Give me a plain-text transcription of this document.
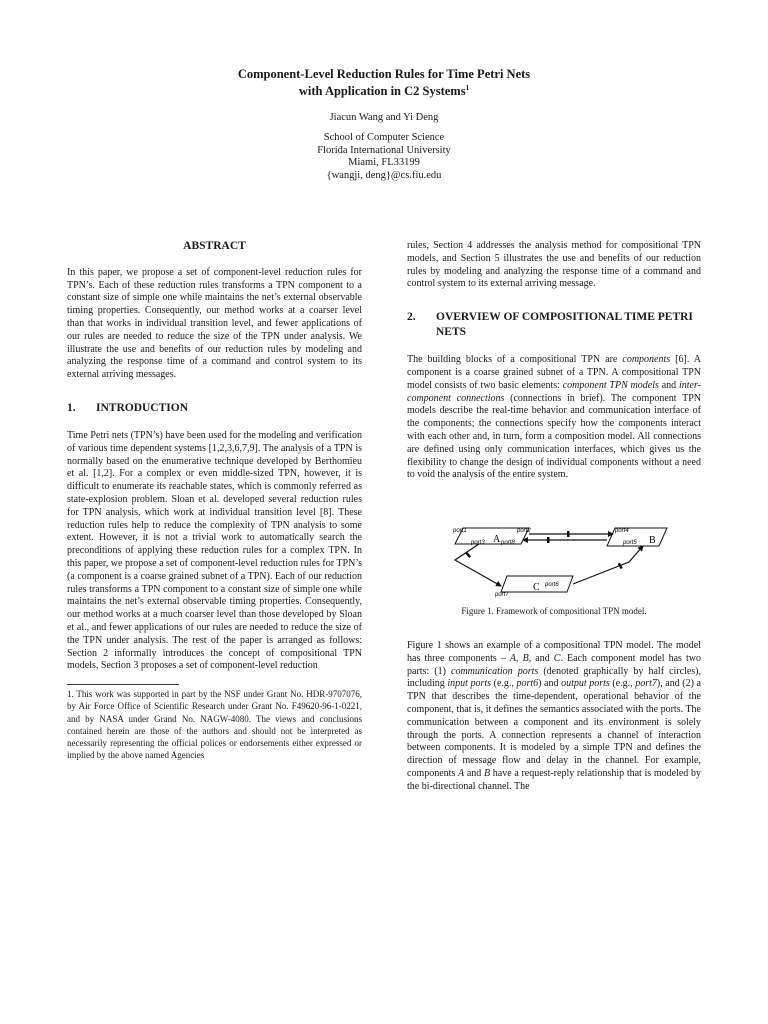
Component-Level Reduction Rules for Time Petri Nets
with Application in C2 Systems$^1$
Jiacun Wang and Yi Deng
School of Computer Science
Florida International University
Miami, FL33199
{wangji, deng}@cs.fiu.edu
ABSTRACT

In this paper, we propose a set of component-level reduction rules for TPN’s. Each of these reduction rules transforms a TPN component to a constant size of simple one while maintains the net’s external observable timing properties. Consequently, our method works at a coarser level than that works in individual transition level, and fewer applications of our rules are needed to reduce the size of the TPN under analysis. We illustrate the use and benefits of our reduction rules by modeling and analyzing the response time of a command and control system to its external arriving messages.

1.	INTRODUCTION

Time Petri nets (TPN’s) have been used for the modeling and verification of various time dependent systems [1,2,3,6,7,9]. The analysis of a TPN is normally based on the enumerative technique developed by Berthomieu et al. [1,2]. For a complex or even middle-sized TPN, however, it is difficult to enumerate its reachable states, which is commonly referred as state-explosion problem. Sloan et al. developed several reduction rules for TPN analysis, which work at individual transition level [8]. These reduction rules help to reduce the complexity of TPN analysis to some extent. However, it is not a trivial work to automatically search the preconditions of applying these reduction rules for a complex TPN. In this paper, we propose a set of component-level reduction rules for TPN’s (a component is a coarse grained subnet of a TPN). Each of our reduction rules transforms a TPN component to a constant size of simple one while maintains the net’s external observable timing properties. Consequently, our method works at a much coarser level than those developed by Sloan et al., and fewer applications of our rules are needed to reduce the size of the TPN under analysis. The rest of the paper is arranged as follows: Section 2 informally introduces the concept of compositional TPN models, Section 3 proposes a set of component-level reduction

1. This work was supported in part by the NSF under Grant No. HDR-9707076, by Air Force Office of Scientific Research under Grant No. F49620-96-1-0221, and by NASA under Grand No. NAGW-4080. The views and conclusions contained herein are those of the authors and should not be interpreted as necessarily representing the official polices or endorsements either expressed or implied by the above named Agencies

rules, Section 4 addresses the analysis method for compositional TPN models, and Section 5 illustrates the use and benefits of our reduction rules by modeling and analyzing the response time of a command and control system to its external arriving message.

2.	OVERVIEW OF COMPOSITIONAL TIME PETRI NETS

The building blocks of a compositional TPN are components [6]. A component is a coarse grained subnet of a TPN. A compositional TPN model consists of two basic elements: component TPN models and inter-component connections (connections in brief). The component TPN models describe the real-time behavior and communication interface of the components; the connections specify how the components interact with each other and, in turn, form a composition model. All connections are defined using only communication interfaces, which gives us the flexibility to change the design of individual components without a need to void the analysis of the entire system.

A	B
C
port1	port2
port3	port8
port4
port5
port6
port7
Figure 1. Framework of compositional TPN model.

Figure 1 shows an example of a compositional TPN model. The model has three components – A, B, and C. Each component model has two parts: (1) communication ports (denoted graphically by half circles), including input ports (e.g., port6) and output ports (e.g., port7), and (2) a TPN that describes the time-dependent, operational behavior of the component, that is, it defines the semantics associated with the ports. The communication between a component and its environment is solely through the ports. A connection represents a channel of interaction between components. It is modeled by a simple TPN and defines the direction of message flow and delay in the channel. For example, components A and B have a request-reply relationship that is modeled by the bi-directional channel. The
